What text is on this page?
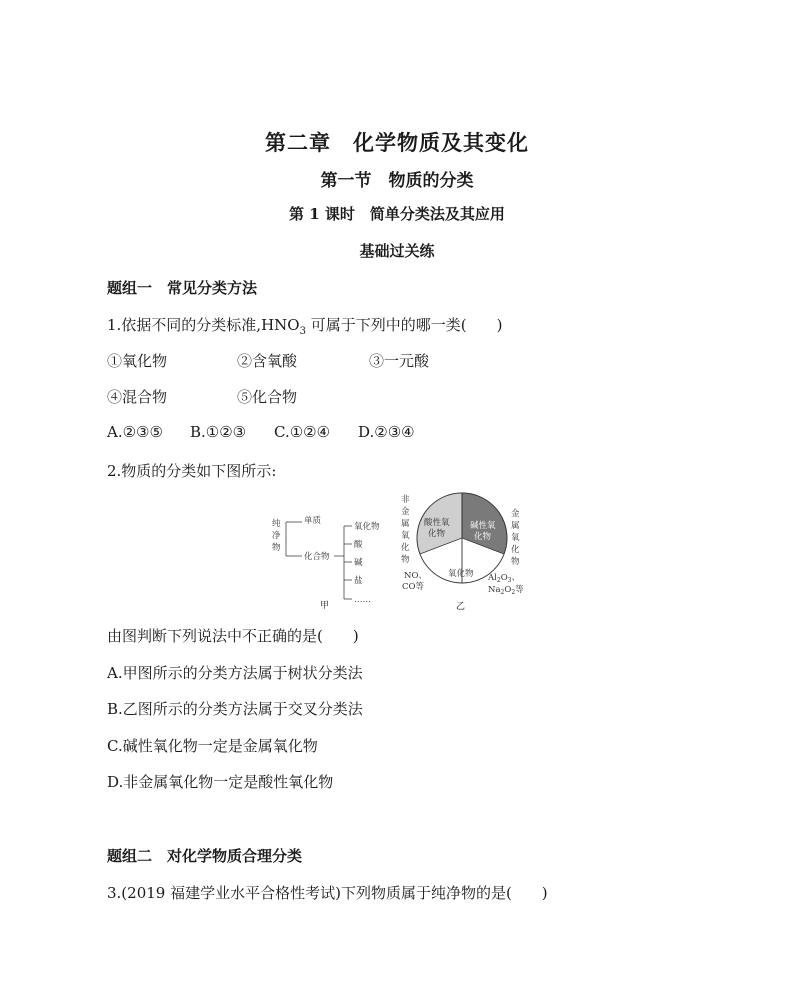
第二章　化学物质及其变化
第一节　物质的分类
第 1 课时　简单分类法及其应用
基础过关练
题组一　常见分类方法
1.依据不同的分类标准$,HNO_3$ 可属于下列中的哪一类(　　)
①氧化物	②含氧酸	③一元酸
④混合物	⑤化合物
A.②③⑤ B.①②③ C.①②④ D.②③④
2.物质的分类如下图所示:
纯
净
物
单质
化合物
氧化物
酸
碱
盐
……
甲
非
金
属
氧
化
物
金
属
氧
化
物
酸性氧
化物
碱性氧
化物
氧化物
NO、
CO等
$Al_2O_3$、
$Na_2O_2$等
乙
由图判断下列说法中不正确的是(　　)
A.甲图所示的分类方法属于树状分类法
B.乙图所示的分类方法属于交叉分类法
C.碱性氧化物一定是金属氧化物
D.非金属氧化物一定是酸性氧化物
题组二　对化学物质合理分类
3.(2019 福建学业水平合格性考试)下列物质属于纯净物的是(　　)
